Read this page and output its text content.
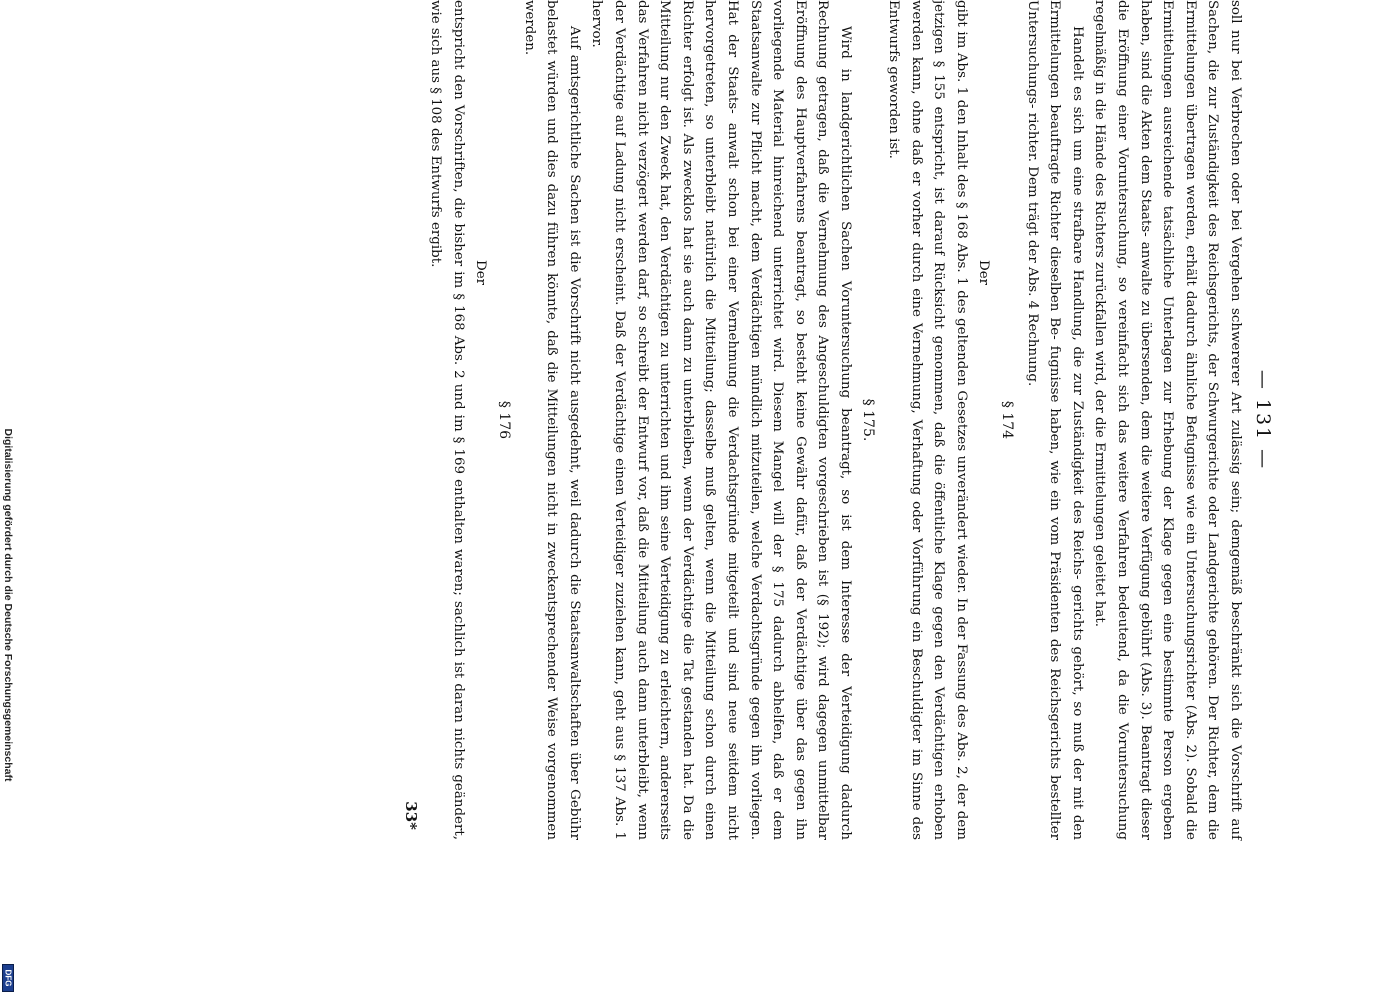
— 131 —

soll nur bei Verbrechen oder bei Vergehen schwererer Art zulässig sein; demgemäß beschränkt sich die Vorschrift auf Sachen, die zur Zuständigkeit des Reichsgerichts, der Schwurgerichte oder Landgerichte gehören. Der Richter, dem die Ermittelungen übertragen werden, erhält dadurch ähnliche Befugnisse wie ein Untersuchungsrichter (Abs. 2). Sobald die Ermittelungen ausreichende tatsächliche Unterlagen zur Erhebung der Klage gegen eine bestimmte Person ergeben haben, sind die Akten dem Staats- anwalte zu übersenden, dem die weitere Verfügung gebührt (Abs. 3). Beantragt dieser die Eröffnung einer Voruntersuchung, so vereinfacht sich das weitere Verfahren bedeutend, da die Voruntersuchung regelmäßig in die Hände des Richters zurückfallen wird, der die Ermittelungen geleitet hat.

Handelt es sich um eine strafbare Handlung, die zur Zuständigkeit des Reichs- gerichts gehört, so muß der mit den Ermittelungen beauftragte Richter dieselben Be- fugnisse haben, wie ein vom Präsidenten des Reichsgerichts bestellter Untersuchungs- richter. Dem trägt der Abs. 4 Rechnung.

§ 174
Der

gibt im Abs. 1 den Inhalt des § 168 Abs. 1 des geltenden Gesetzes unverändert wieder. In der Fassung des Abs. 2, der dem jetzigen § 155 entspricht, ist darauf Rücksicht genommen, daß die öffentliche Klage gegen den Verdächtigen erhoben werden kann, ohne daß er vorher durch eine Vernehmung, Verhaftung oder Vorführung ein Beschuldigter im Sinne des Entwurfs geworden ist.

§ 175.

Wird in landgerichtlichen Sachen Voruntersuchung beantragt, so ist dem Interesse der Verteidigung dadurch Rechnung getragen, daß die Vernehmung des Angeschuldigten vorgeschrieben ist (§ 192); wird dagegen unmittelbar Eröffnung des Hauptverfahrens beantragt, so besteht keine Gewähr dafür, daß der Verdächtige über das gegen ihn vorliegende Material hinreichend unterrichtet wird. Diesem Mangel will der § 175 dadurch abhelfen, daß er dem Staatsanwalte zur Pflicht macht, dem Verdächtigen mündlich mitzuteilen, welche Verdachtsgründe gegen ihn vorliegen. Hat der Staats- anwalt schon bei einer Vernehmung die Verdachtsgründe mitgeteilt und sind neue seitdem nicht hervorgetreten, so unterbleibt natürlich die Mitteilung; dasselbe muß gelten, wenn die Mitteilung schon durch einen Richter erfolgt ist. Als zwecklos hat sie auch dann zu unterbleiben, wenn der Verdächtige die Tat gestanden hat. Da die Mitteilung nur den Zweck hat, den Verdächtigen zu unterrichten und ihm seine Verteidigung zu erleichtern, andererseits das Verfahren nicht verzögert werden darf, so schreibt der Entwurf vor, daß die Mitteilung auch dann unterbleibt, wenn der Verdächtige auf Ladung nicht erscheint. Daß der Verdächtige einen Verteidiger zuziehen kann, geht aus § 137 Abs. 1 hervor.

Auf amtsgerichtliche Sachen ist die Vorschrift nicht ausgedehnt, weil dadurch die Staatsanwaltschaften über Gebühr belastet würden und dies dazu führen könnte, daß die Mitteilungen nicht in zweckentsprechender Weise vorgenommen werden.

§ 176
Der

entspricht den Vorschriften, die bisher im § 168 Abs. 2 und im § 169 enthalten waren; sachlich ist daran nichts geändert, wie sich aus § 108 des Entwurfs ergibt.

33*
Digitalisierung gefördert durch die Deutsche Forschungsgemeinschaft
DFG
